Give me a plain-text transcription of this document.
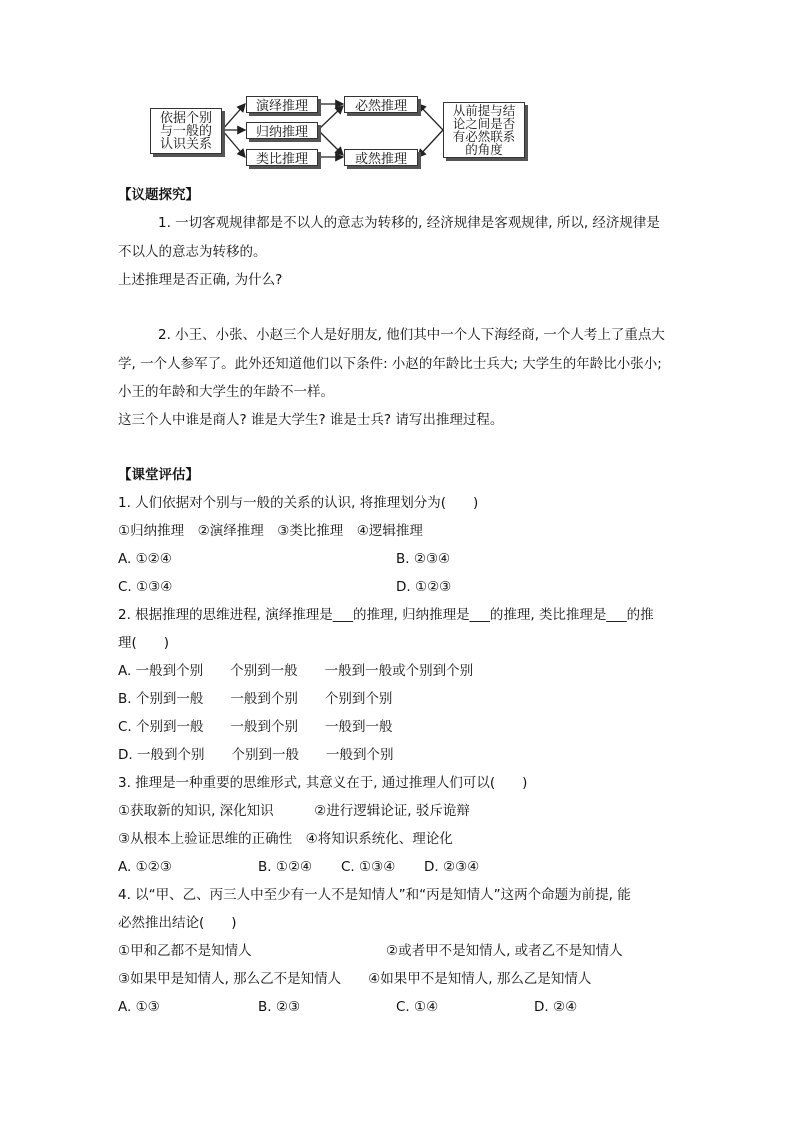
依据个别
与一般的
认识关系
演绎推理
归纳推理
类比推理
必然推理
或然推理
从前提与结
论之间是否
有必然联系
的角度
【议题探究】
1. 一切客观规律都是不以人的意志为转移的, 经济规律是客观规律, 所以, 经济规律是
不以人的意志为转移的。
上述推理是否正确, 为什么?
2. 小王、小张、小赵三个人是好朋友, 他们其中一个人下海经商, 一个人考上了重点大
学, 一个人参军了。此外还知道他们以下条件: 小赵的年龄比士兵大; 大学生的年龄比小张小;
小王的年龄和大学生的年龄不一样。
这三个人中谁是商人? 谁是大学生? 谁是士兵? 请写出推理过程。
【课堂评估】
1. 人们依据对个别与一般的关系的认识, 将推理划分为(　　)
①归纳推理　②演绎推理　③类比推理　④逻辑推理
A. ①②④	B. ②③④
C. ①③④	D. ①②③
2. 根据推理的思维进程, 演绎推理是___的推理, 归纳推理是___的推理, 类比推理是___的推
理(　　)
A. 一般到个别　　个别到一般　　一般到一般或个别到个别
B. 个别到一般　　一般到个别　　个别到个别
C. 个别到一般　　一般到个别　　一般到一般
D. 一般到个别　　个别到一般　　一般到个别
3. 推理是一种重要的思维形式, 其意义在于, 通过推理人们可以(　　)
①获取新的知识, 深化知识　　　②进行逻辑论证, 驳斥诡辩
③从根本上验证思维的正确性　④将知识系统化、理论化
A. ①②③	B. ①②④ C. ①③④ D. ②③④
4. 以“甲、乙、丙三人中至少有一人不是知情人”和“丙是知情人”这两个命题为前提, 能
必然推出结论(　　)
①甲和乙都不是知情人	②或者甲不是知情人, 或者乙不是知情人
③如果甲是知情人, 那么乙不是知情人　　④如果甲不是知情人, 那么乙是知情人
A. ①③	B. ②③	C. ①④	D. ②④
